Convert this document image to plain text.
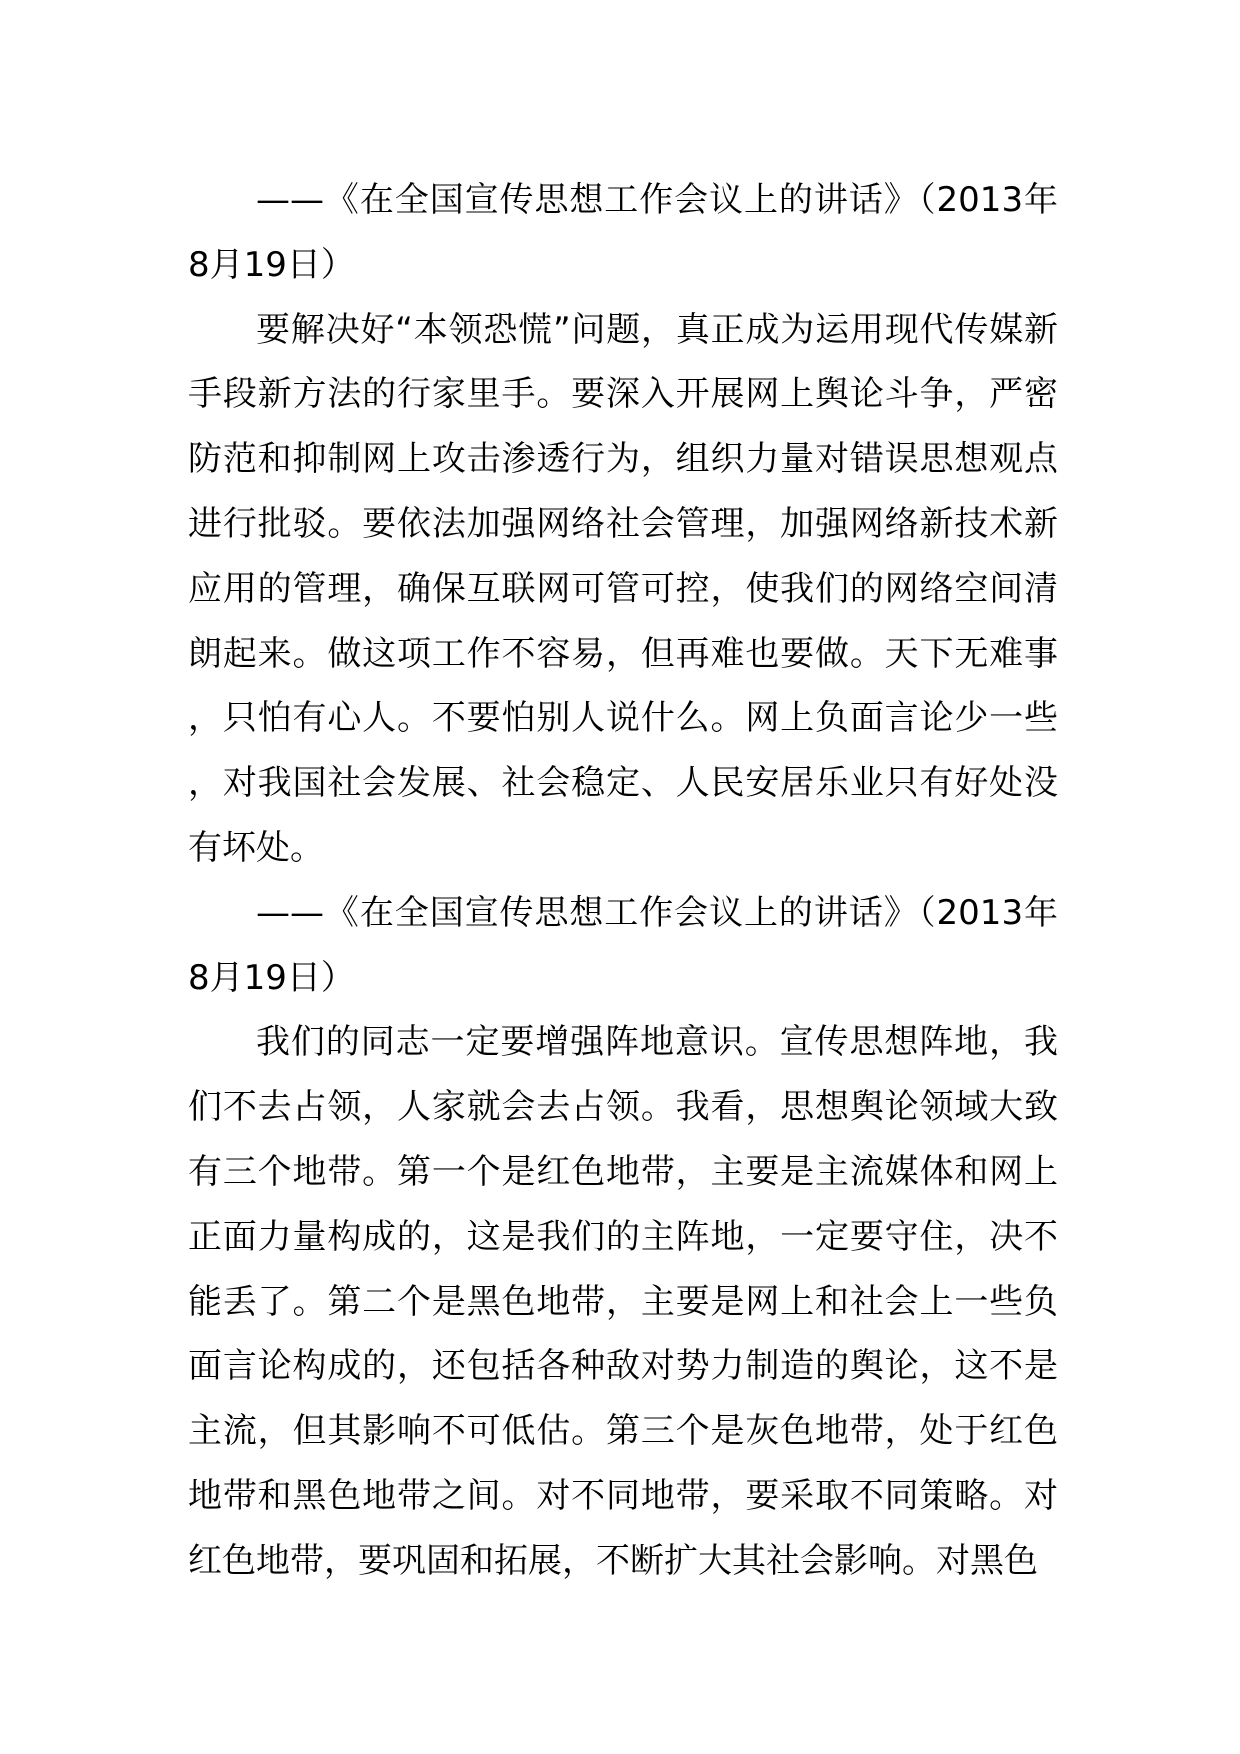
——《在全国宣传思想工作会议上的讲话》（2013年8月19日）

要解决好“本领恐慌”问题，真正成为运用现代传媒新手段新方法的行家里手。要深入开展网上舆论斗争，严密防范和抑制网上攻击渗透行为，组织力量对错误思想观点进行批驳。要依法加强网络社会管理，加强网络新技术新应用的管理，确保互联网可管可控，使我们的网络空间清朗起来。做这项工作不容易，但再难也要做。天下无难事，只怕有心人。不要怕别人说什么。网上负面言论少一些，对我国社会发展、社会稳定、人民安居乐业只有好处没有坏处。

——《在全国宣传思想工作会议上的讲话》（2013年8月19日）

我们的同志一定要增强阵地意识。宣传思想阵地，我们不去占领，人家就会去占领。我看，思想舆论领域大致有三个地带。第一个是红色地带，主要是主流媒体和网上正面力量构成的，这是我们的主阵地，一定要守住，决不能丢了。第二个是黑色地带，主要是网上和社会上一些负面言论构成的，还包括各种敌对势力制造的舆论，这不是主流，但其影响不可低估。第三个是灰色地带，处于红色地带和黑色地带之间。对不同地带，要采取不同策略。对红色地带，要巩固和拓展，不断扩大其社会影响。对黑色
